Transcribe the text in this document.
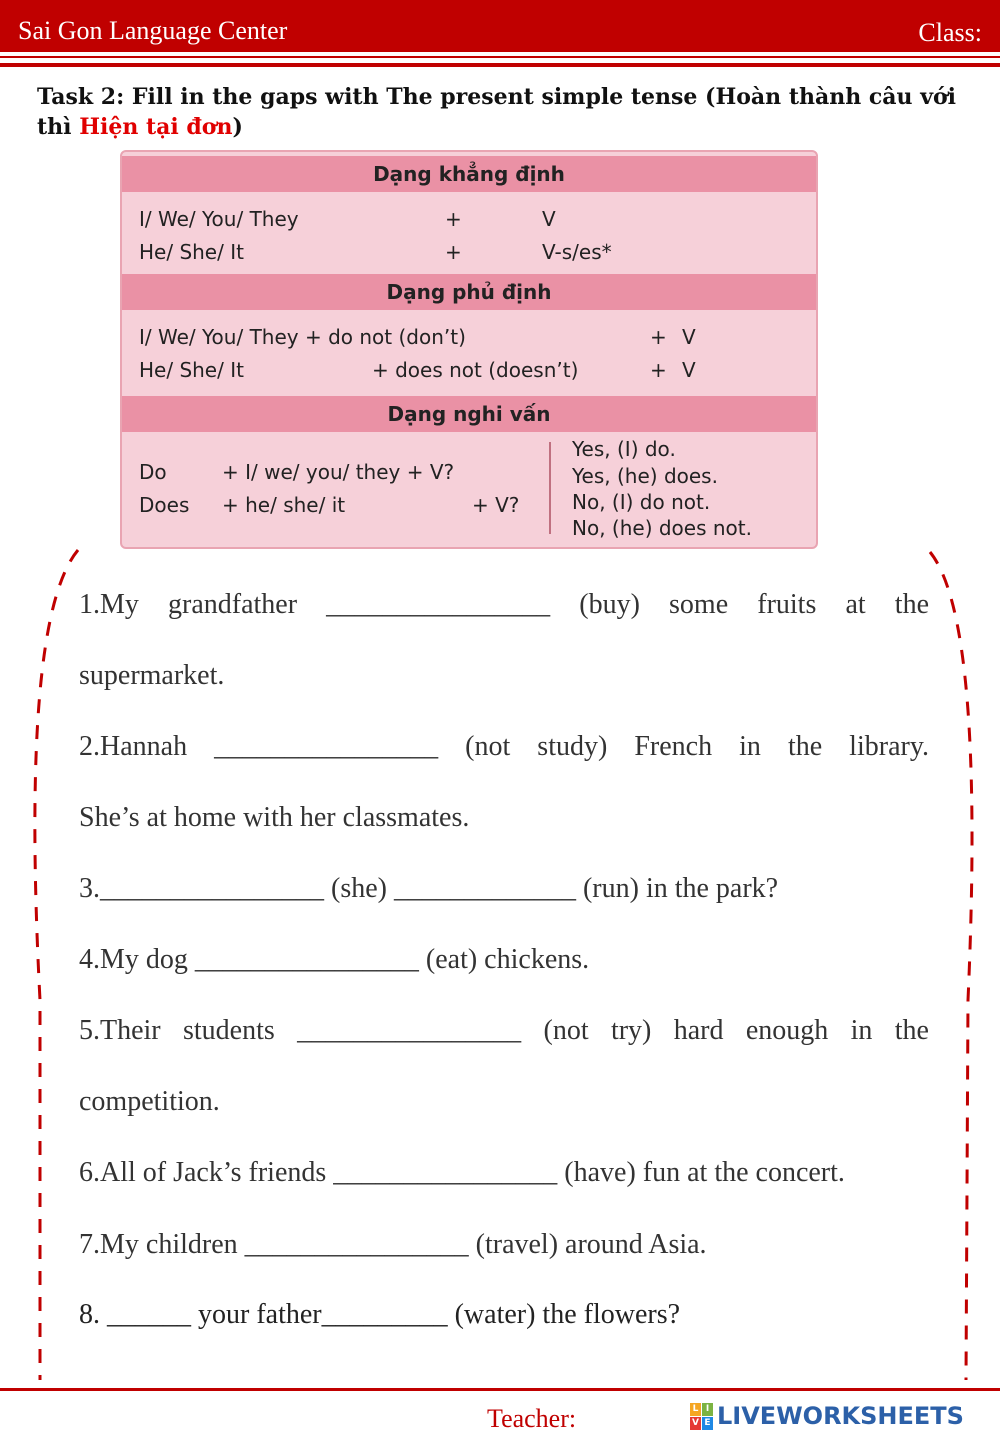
Sai Gon Language Center	Class:
Task 2: Fill in the gaps with The present simple tense (Hoàn thành câu với thì Hiện tại đơn)
Dạng khẳng định
I/ We/ You/ They	+	V
He/ She/ It	+	V-s/es*
Dạng phủ định
I/ We/ You/ They + do not (don’t)	+ V
He/ She/ It	+ does not (doesn’t)	+ V
Dạng nghi vấn
Do	+ I/ we/ you/ they + V?
Does + he/ she/ it	+ V?
Yes, (I) do.
Yes, (he) does.
No, (I) do not.
No, (he) does not.
1.My grandfather ________________ (buy) some fruits at the
supermarket.
2.Hannah ________________ (not study) French in the library.
She’s at home with her classmates.
3.________________ (she) _____________ (run) in the park?
4.My dog ________________ (eat) chickens.
5.Their students ________________ (not try) hard enough in the
competition.
6.All of Jack’s friends ________________ (have) fun at the concert.
7.My children ________________ (travel) around Asia.
8. ______ your father_________ (water) the flowers?
Teacher:	L I
V E LIVEWORKSHEETS
